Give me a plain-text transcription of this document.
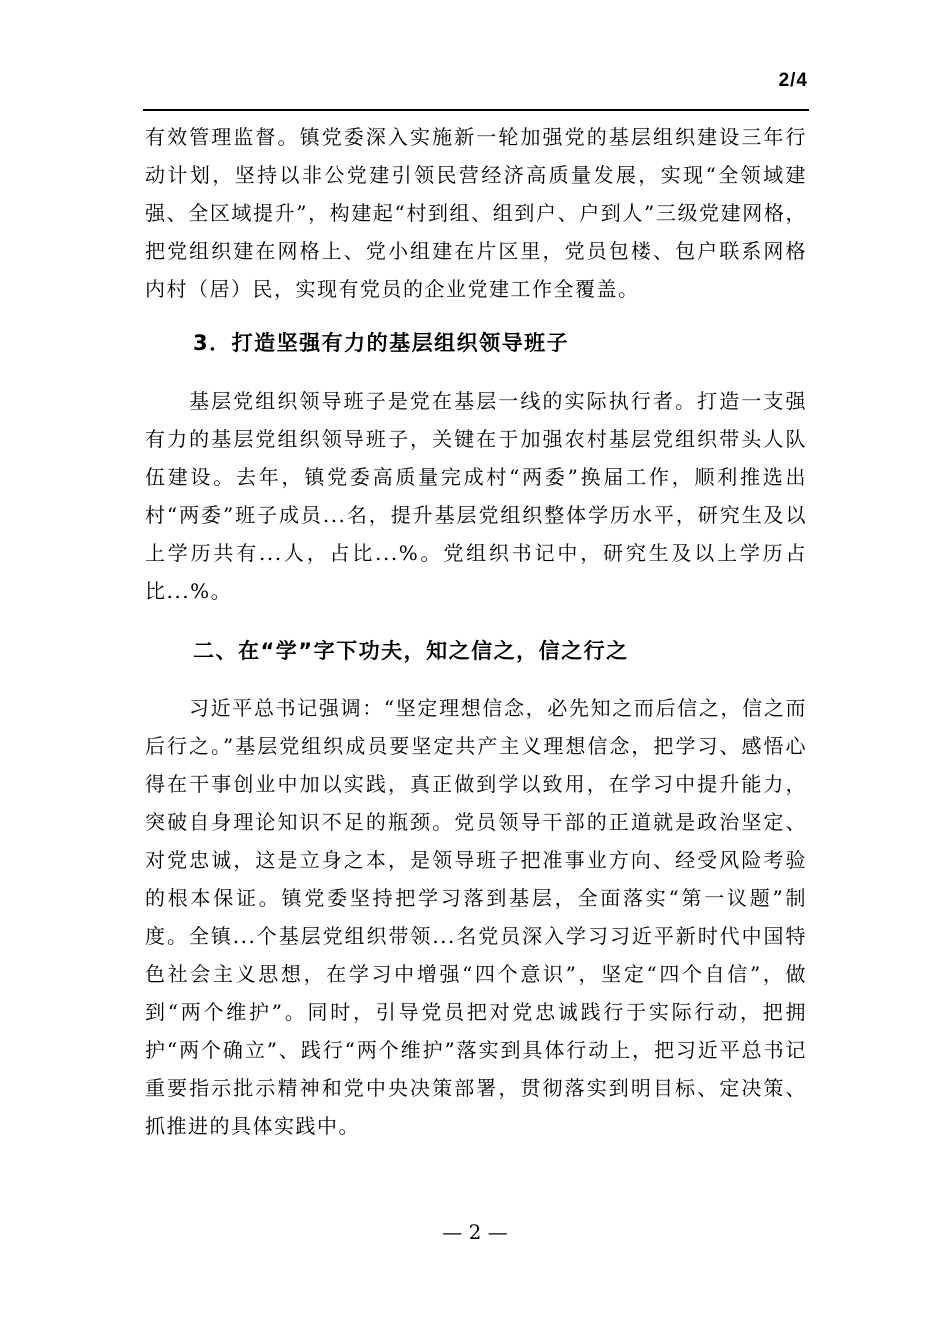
2/4

有效管理监督。镇党委深入实施新一轮加强党的基层组织建设三年行动计划，坚持以非公党建引领民营经济高质量发展，实现“全领域建强、全区域提升”，构建起“村到组、组到户、户到人”三级党建网格，把党组织建在网格上、党小组建在片区里，党员包楼、包户联系网格内村（居）民，实现有党员的企业党建工作全覆盖。

3．打造坚强有力的基层组织领导班子

基层党组织领导班子是党在基层一线的实际执行者。打造一支强有力的基层党组织领导班子，关键在于加强农村基层党组织带头人队伍建设。去年，镇党委高质量完成村“两委”换届工作，顺利推选出村“两委”班子成员...名，提升基层党组织整体学历水平，研究生及以上学历共有...人，占比...%。党组织书记中，研究生及以上学历占比...%。

二、在“学”字下功夫，知之信之，信之行之

习近平总书记强调：“坚定理想信念，必先知之而后信之，信之而后行之。”基层党组织成员要坚定共产主义理想信念，把学习、感悟心得在干事创业中加以实践，真正做到学以致用，在学习中提升能力，突破自身理论知识不足的瓶颈。党员领导干部的正道就是政治坚定、对党忠诚，这是立身之本，是领导班子把准事业方向、经受风险考验的根本保证。镇党委坚持把学习落到基层，全面落实“第一议题”制度。全镇...个基层党组织带领...名党员深入学习习近平新时代中国特色社会主义思想，在学习中增强“四个意识”，坚定“四个自信”，做到“两个维护”。同时，引导党员把对党忠诚践行于实际行动，把拥护“两个确立”、践行“两个维护”落实到具体行动上，把习近平总书记重要指示批示精神和党中央决策部署，贯彻落实到明目标、定决策、抓推进的具体实践中。

— 2 —
